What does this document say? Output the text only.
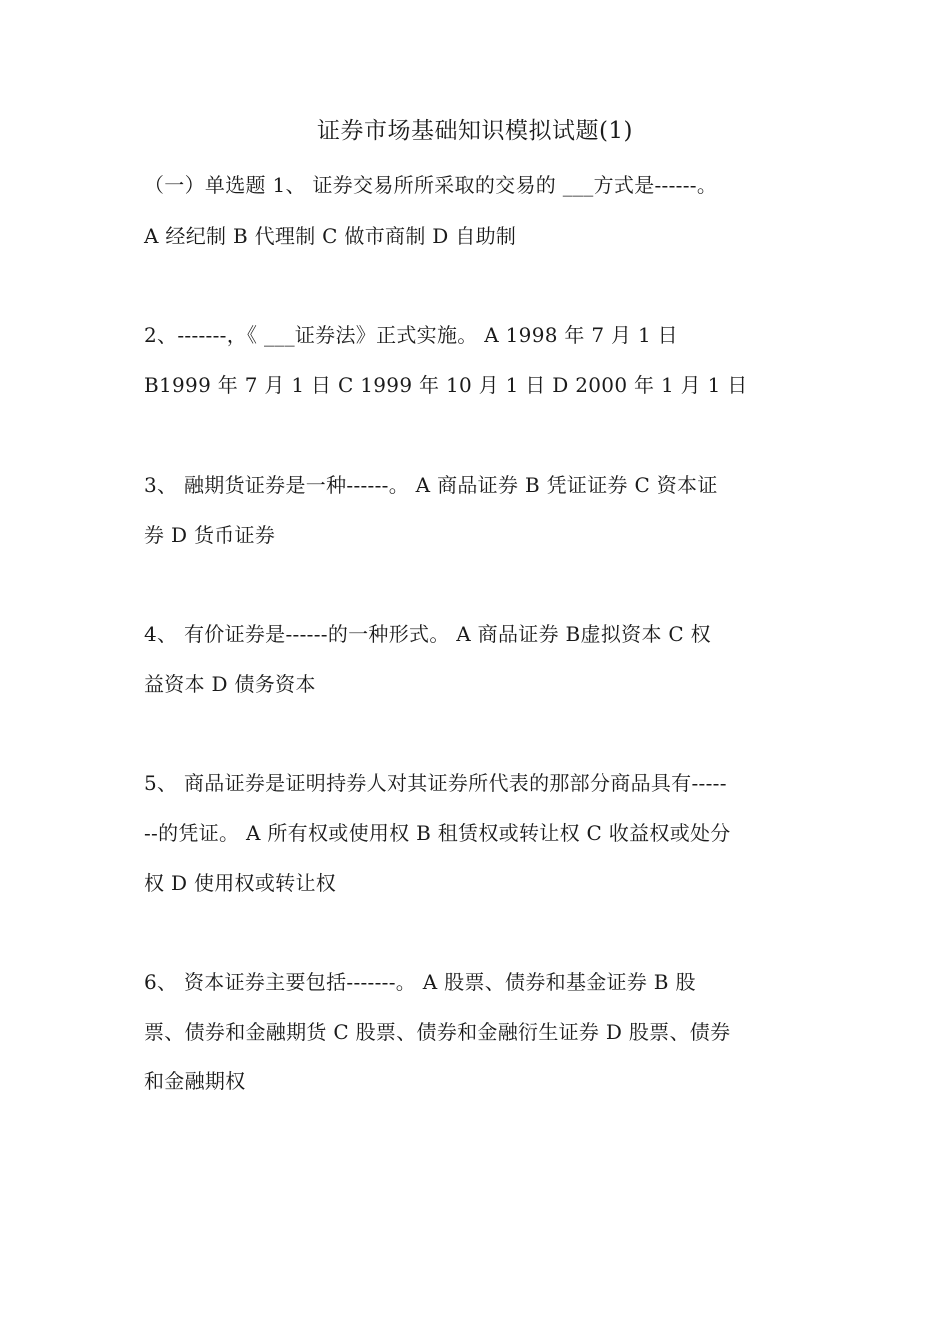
证券市场基础知识模拟试题(1)
（一）单选题 1、 证券交易所所采取的交易的 ___方式是------。
A 经纪制 B 代理制 C 做市商制 D 自助制
2、-------，《 ___证券法》正式实施。 A 1998 年 7 月 1 日
B1999 年 7 月 1 日 C 1999 年 10 月 1 日 D 2000 年 1 月 1 日
3、 融期货证券是一种------。 A 商品证券 B 凭证证券 C 资本证
券 D 货币证券
4、 有价证券是------的一种形式。 A 商品证券 B虚拟资本 C 权
益资本 D 债务资本
5、 商品证券是证明持券人对其证券所代表的那部分商品具有-----
--的凭证。 A 所有权或使用权 B 租赁权或转让权 C 收益权或处分
权 D 使用权或转让权
6、 资本证券主要包括-------。 A 股票、债券和基金证券 B 股
票、债券和金融期货 C 股票、债券和金融衍生证券 D 股票、债券
和金融期权
